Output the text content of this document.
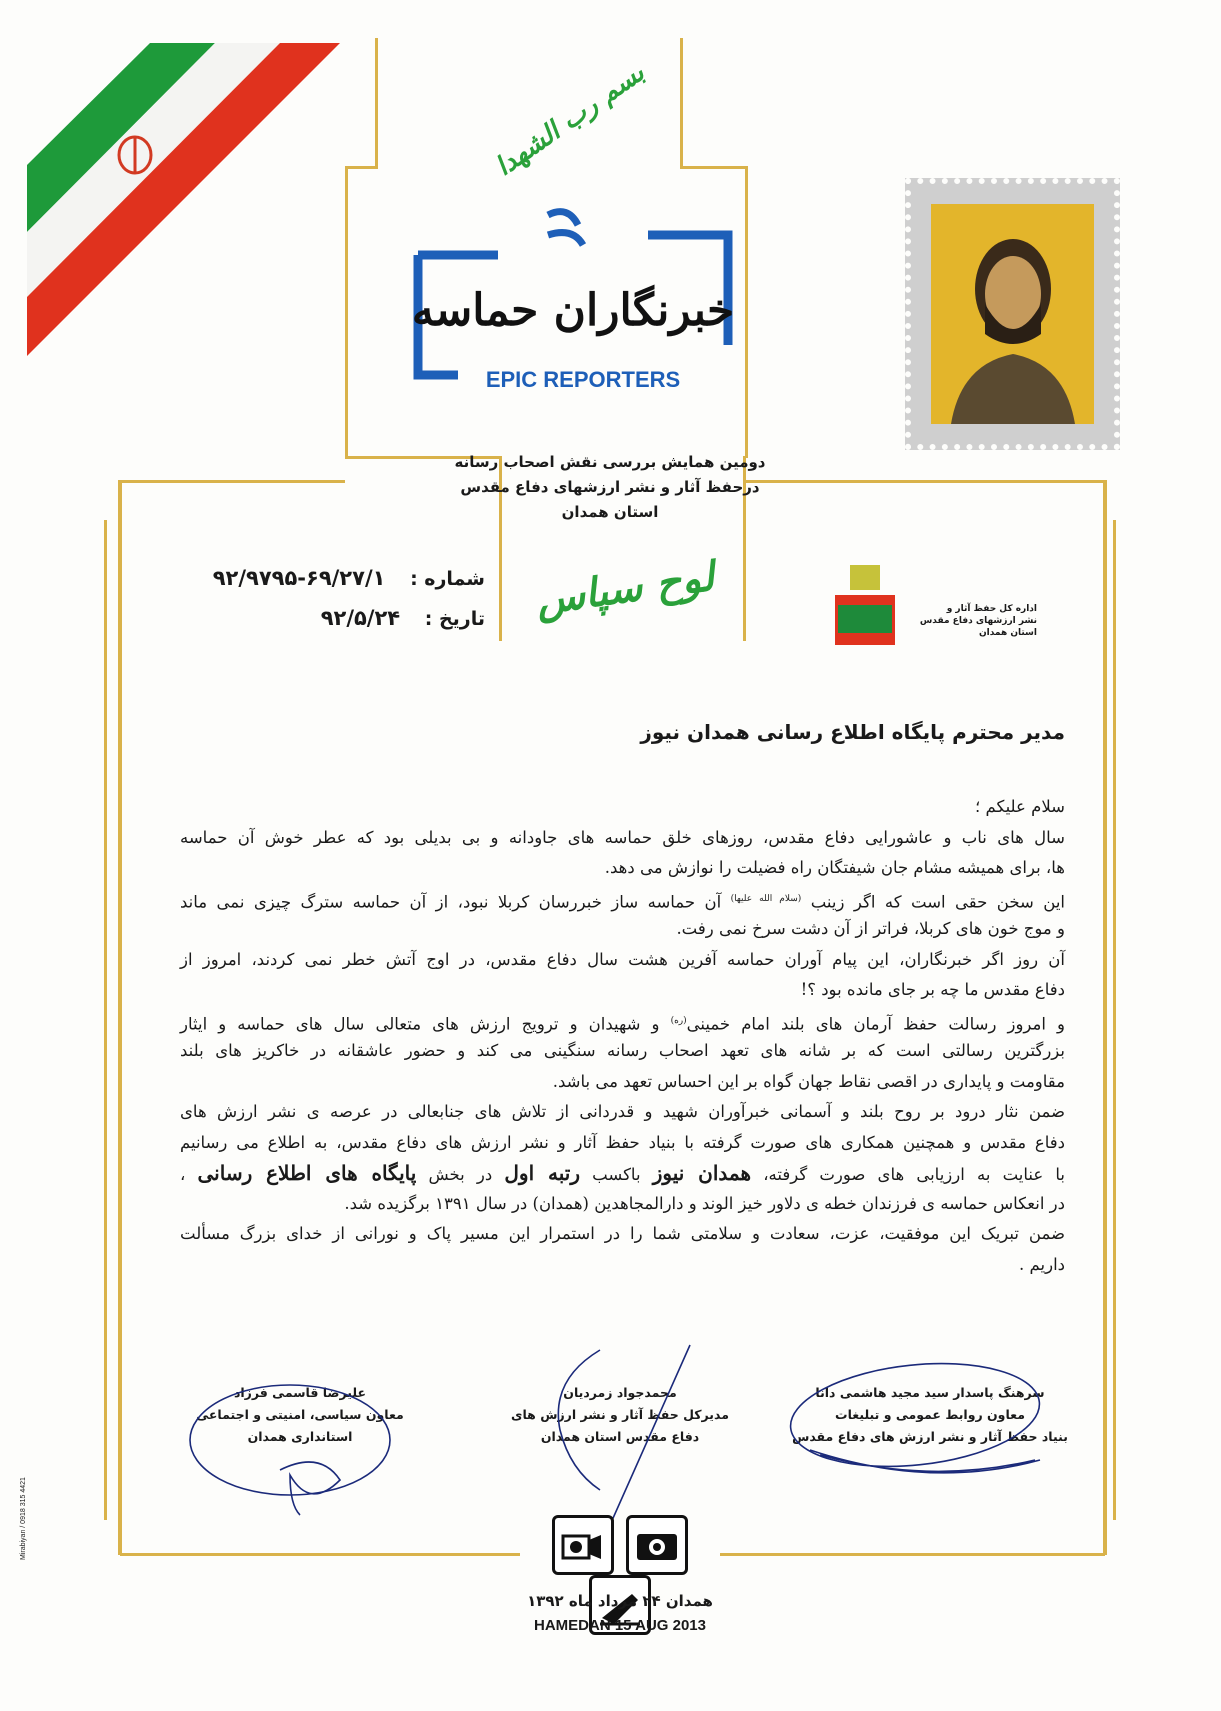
بسم رب الشهدا
خبرنگاران حماسه
EPIC REPORTERS
دومین همایش بررسی نقش اصحاب رسانه
درحفظ آثار و نشر ارزشهای دفاع مقدس
استان همدان
شماره : ۶۹/۲۷/۱-۹۲/۹۷۹۵
تاریخ : ۹۲/۵/۲۴	لوح سپاس	اداره کل حفظ آثار و
نشر ارزشهای دفاع مقدس
استان همدان
مدیر محترم پایگاه اطلاع رسانی همدان نیوز
سلام علیکم ؛
سال های ناب و عاشورایی دفاع مقدس، روزهای خلق حماسه های جاودانه و بی بدیلی بود که عطر خوش آن حماسه
ها، برای همیشه مشام جان شیفتگان راه فضیلت را نوازش می دهد.
این سخن حقی است که اگر زینب $^{(سلام الله علیها)}$ آن حماسه ساز خبررسان کربلا نبود، از آن حماسه سترگ چیزی نمی ماند
و موج خون های کربلا، فراتر از آن دشت سرخ نمی رفت.
آن روز اگر خبرنگاران، این پیام آوران حماسه آفرین هشت سال دفاع مقدس، در اوج آتش خطر نمی کردند، امروز از
دفاع مقدس ما چه بر جای مانده بود ؟!
و امروز رسالت حفظ آرمان های بلند امام خمینی$^{(ره)}$ و شهیدان و ترویج ارزش های متعالی سال های حماسه و ایثار
بزرگترین رسالتی است که بر شانه های تعهد اصحاب رسانه سنگینی می کند و حضور عاشقانه در خاکریز های بلند
مقاومت و پایداری در اقصی نقاط جهان گواه بر این احساس تعهد می باشد.
ضمن نثار درود بر روح بلند و آسمانی خبرآوران شهید و قدردانی از تلاش های جنابعالی در عرصه ی نشر ارزش های
دفاع مقدس و همچنین همکاری های صورت گرفته با بنیاد حفظ آثار و نشر ارزش های دفاع مقدس، به اطلاع می رسانیم
با عنایت به ارزیابی های صورت گرفته، همدان نیوز باکسب رتبه اول در بخش پایگاه های اطلاع رسانی ،
در انعکاس حماسه ی فرزندان خطه ی دلاور خیز الوند و دارالمجاهدین (همدان) در سال ۱۳۹۱ برگزیده شد.
ضمن تبریک این موفقیت، عزت، سعادت و سلامتی شما را در استمرار این مسیر پاک و نورانی از خدای بزرگ مسألت
داریم .
سرهنگ پاسدار سید مجید هاشمی دانا
معاون روابط عمومی و تبلیغات
بنیاد حفظ آثار و نشر ارزش های دفاع مقدس
محمدجواد زمردیان
مدیرکل حفظ آثار و نشر ارزش های
دفاع مقدس استان همدان
علیرضا قاسمی فرزاد
معاون سیاسی، امنیتی و اجتماعی
استانداری همدان

همدان ۲۴ مرداد ماه ۱۳۹۲
HAMEDAN 15 AUG 2013
Mirabiyan / 0918 315 4421
